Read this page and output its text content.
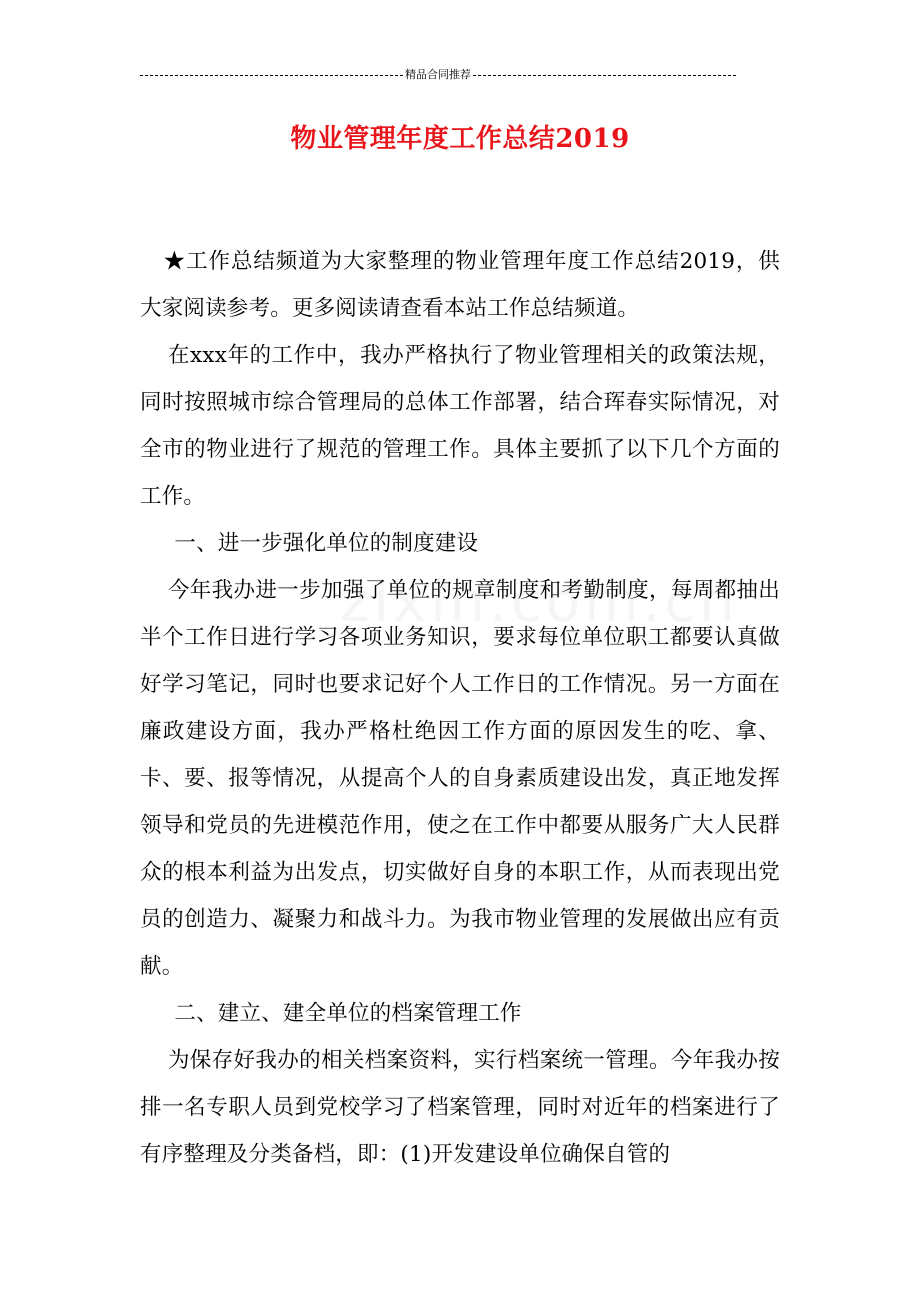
精品合同推荐
物业管理年度工作总结2019

★工作总结频道为大家整理的物业管理年度工作总结2019，供大家阅读参考。更多阅读请查看本站工作总结频道。

在xxx年的工作中，我办严格执行了物业管理相关的政策法规，同时按照城市综合管理局的总体工作部署，结合珲春实际情况，对全市的物业进行了规范的管理工作。具体主要抓了以下几个方面的工作。

一、进一步强化单位的制度建设

今年我办进一步加强了单位的规章制度和考勤制度，每周都抽出半个工作日进行学习各项业务知识，要求每位单位职工都要认真做好学习笔记，同时也要求记好个人工作日的工作情况。另一方面在廉政建设方面，我办严格杜绝因工作方面的原因发生的吃、拿、卡、要、报等情况，从提高个人的自身素质建设出发，真正地发挥领导和党员的先进模范作用，使之在工作中都要从服务广大人民群众的根本利益为出发点，切实做好自身的本职工作，从而表现出党员的创造力、凝聚力和战斗力。为我市物业管理的发展做出应有贡献。

二、建立、建全单位的档案管理工作

为保存好我办的相关档案资料，实行档案统一管理。今年我办按排一名专职人员到党校学习了档案管理，同时对近年的档案进行了有序整理及分类备档，即：(1)开发建设单位确保自管的
